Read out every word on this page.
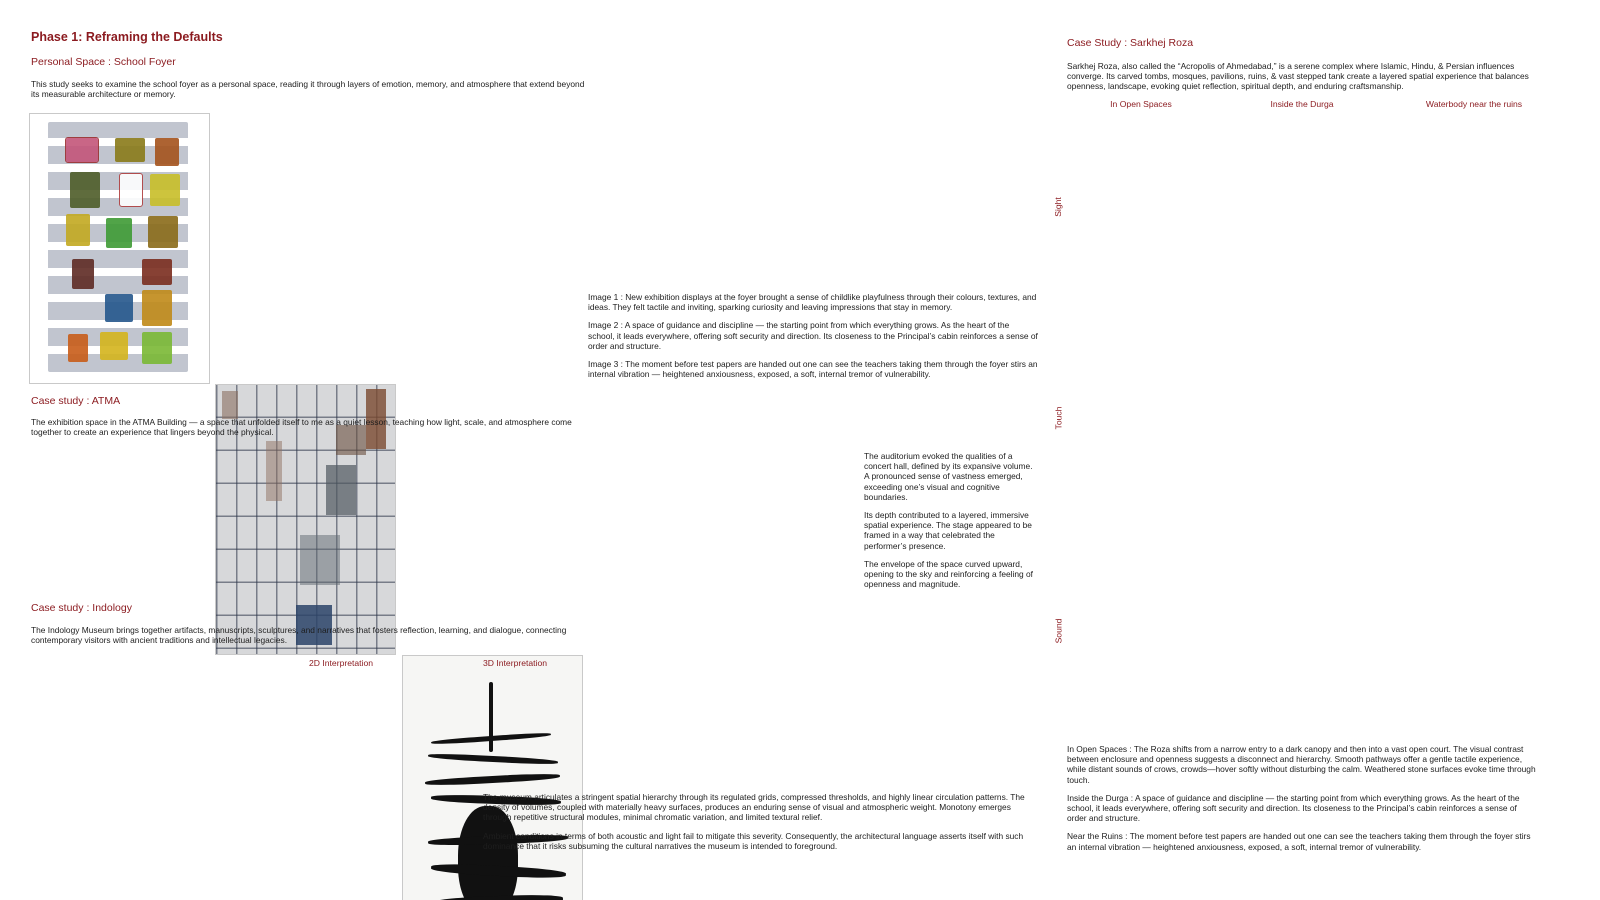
Phase 1: Reframing the Defaults
Personal Space : School Foyer
This study seeks to examine the school foyer as a personal space, reading it through layers of emotion, memory, and atmosphere that extend beyond its measurable architecture or memory.

Image 1 : New exhibition displays at the foyer brought a sense of childlike playfulness through their colours, textures, and ideas. They felt tactile and inviting, sparking curiosity and leaving impressions that stay in memory.

Image 2 : A space of guidance and discipline — the starting point from which everything grows. As the heart of the school, it leads everywhere, offering soft security and direction. Its closeness to the Principal’s cabin reinforces a sense of order and structure.

Image 3 : The moment before test papers are handed out one can see the teachers taking them through the foyer stirs an internal vibration — heightened anxiousness, exposed, a soft, internal tremor of vulnerability.

Case study : ATMA
The exhibition space in the ATMA Building — a space that unfolded itself to me as a quiet lesson, teaching how light, scale, and atmosphere come together to create an experience that lingers beyond the physical.

The auditorium evoked the qualities of a concert hall, defined by its expansive volume. A pronounced sense of vastness emerged, exceeding one’s visual and cognitive boundaries.

Its depth contributed to a layered, immersive spatial experience. The stage appeared to be framed in a way that celebrated the performer’s presence.

The envelope of the space curved upward, opening to the sky and reinforcing a feeling of openness and magnitude.

Case study : Indology
The Indology Museum brings together artifacts, manuscripts, sculptures, and narratives that fosters reflection, learning, and dialogue, connecting contemporary visitors with ancient traditions and intellectual legacies.
2D Interpretation	3D Interpretation

The museum articulates a stringent spatial hierarchy through its regulated grids, compressed thresholds, and highly linear circulation patterns. The density of volumes, coupled with materially heavy surfaces, produces an enduring sense of visual and atmospheric weight. Monotony emerges through repetitive structural modules, minimal chromatic variation, and limited textural relief.

Ambient conditions in terms of both acoustic and light fail to mitigate this severity. Consequently, the architectural language asserts itself with such dominance that it risks subsuming the cultural narratives the museum is intended to foreground.

Case Study : Sarkhej Roza
Sarkhej Roza, also called the “Acropolis of Ahmedabad,” is a serene complex where Islamic, Hindu, & Persian influences converge. Its carved tombs, mosques, pavilions, ruins, & vast stepped tank create a layered spatial experience that balances openness, landscape, evoking quiet reflection, spiritual depth, and enduring craftsmanship.
In Open Spaces	Inside the Durga	Waterbody near the ruins
Sight
Touch
Sound

In Open Spaces : The Roza shifts from a narrow entry to a dark canopy and then into a vast open court. The visual contrast between enclosure and openness suggests a disconnect and hierarchy. Smooth pathways offer a gentle tactile experience, while distant sounds of crows, crowds—hover softly without disturbing the calm. Weathered stone surfaces evoke time through touch.

Inside the Durga : A space of guidance and discipline — the starting point from which everything grows. As the heart of the school, it leads everywhere, offering soft security and direction. Its closeness to the Principal’s cabin reinforces a sense of order and structure.

Near the Ruins : The moment before test papers are handed out one can see the teachers taking them through the foyer stirs an internal vibration — heightened anxiousness, exposed, a soft, internal tremor of vulnerability.
